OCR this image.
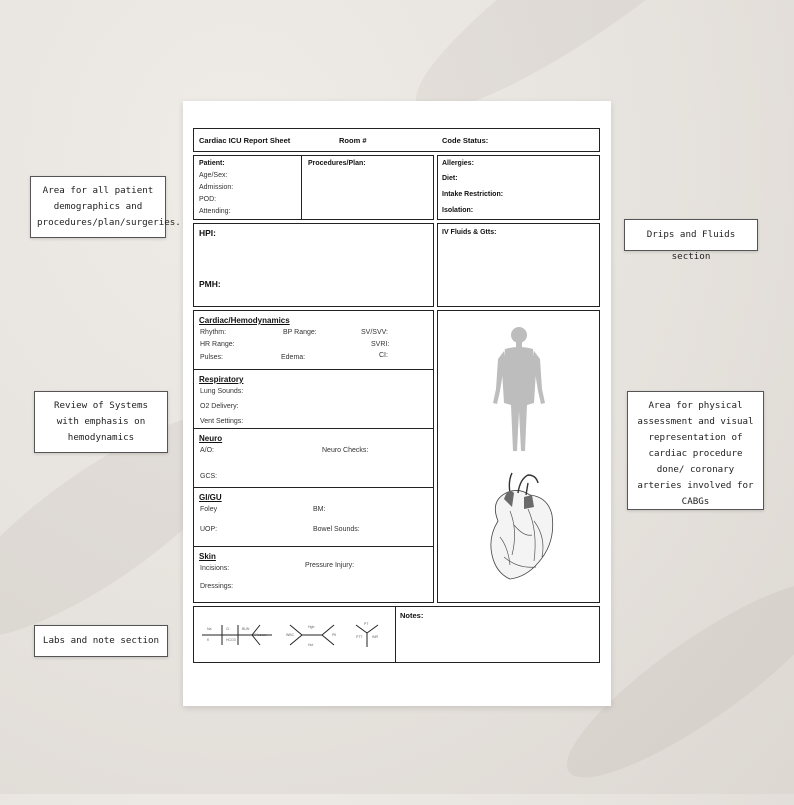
Cardiac ICU Report Sheet	Room #	Code Status:
Patient:
Age/Sex:
Admission:
POD:
Attending:
Procedures/Plan:	Allergies:
Diet:
Intake Restriction:
Isolation:
HPI:
PMH:
IV Fluids & Gtts:
Cardiac/Hemodynamics
Rhythm:	BP Range:	SV/SVV:
HR Range:	SVRI:
CI:
Pulses:	Edema:
Respiratory
Lung Sounds:
O2 Delivery:
Vent Settings:
Neuro
A/O:	Neuro Checks:
GCS:
GI/GU
Foley	BM:
UOP:	Bowel Sounds:
Skin
Incisions:	Pressure Injury:
Dressings:
Na	Cl	BUN
K	HCO3
Glucose	WBC
Hgb
Hct
Plt
PT
PTT	INR
Notes:
Area for all patient demographics and procedures/plan/surgeries.
Drips and Fluids section
Review of Systems with emphasis on hemodynamics
Area for physical assessment and visual representation of cardiac procedure done/ coronary arteries involved for CABGs
Labs and note section
